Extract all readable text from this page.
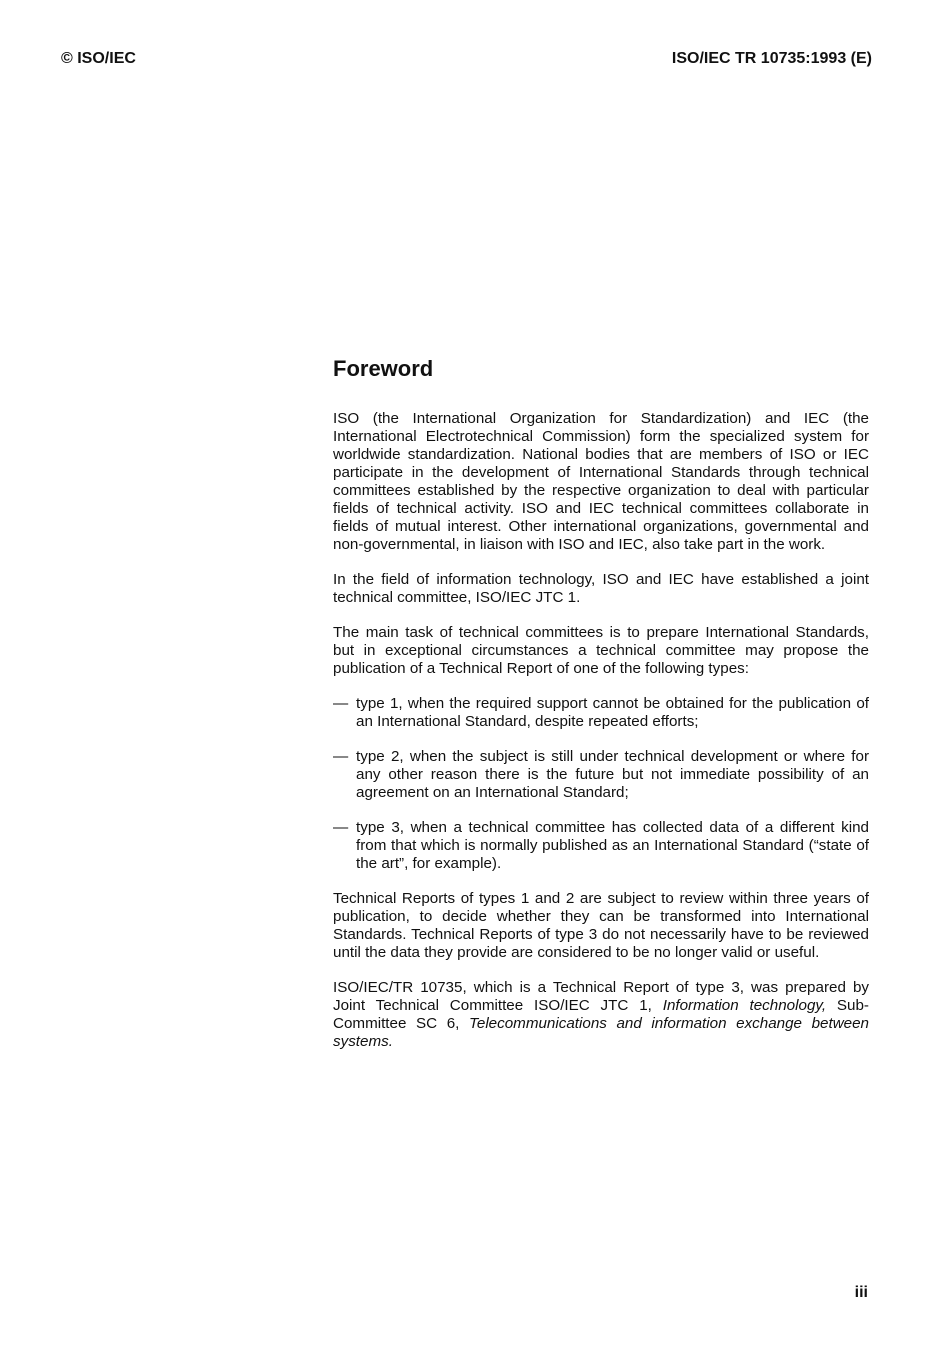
© ISO/IEC	ISO/IEC TR 10735:1993 (E)
Foreword

ISO (the International Organization for Standardization) and IEC (the International Electrotechnical Commission) form the specialized system for worldwide standardization. National bodies that are members of ISO or IEC participate in the development of International Standards through technical committees established by the respective organization to deal with particular fields of technical activity. ISO and IEC technical committees collaborate in fields of mutual interest. Other international organizations, governmental and non-governmental, in liaison with ISO and IEC, also take part in the work.

In the field of information technology, ISO and IEC have established a joint technical committee, ISO/IEC JTC 1.

The main task of technical committees is to prepare International Standards, but in exceptional circumstances a technical committee may propose the publication of a Technical Report of one of the following types:

— type 1, when the required support cannot be obtained for the publication of an International Standard, despite repeated efforts;
— type 2, when the subject is still under technical development or where for any other reason there is the future but not immediate possibility of an agreement on an International Standard;
— type 3, when a technical committee has collected data of a different kind from that which is normally published as an International Standard (“state of the art”, for example).

Technical Reports of types 1 and 2 are subject to review within three years of publication, to decide whether they can be transformed into International Standards. Technical Reports of type 3 do not necessarily have to be reviewed until the data they provide are considered to be no longer valid or useful.

ISO/IEC/TR 10735, which is a Technical Report of type 3, was prepared by Joint Technical Committee ISO/IEC JTC 1, Information technology, Sub-Committee SC 6, Telecommunications and information exchange between systems.

iii
